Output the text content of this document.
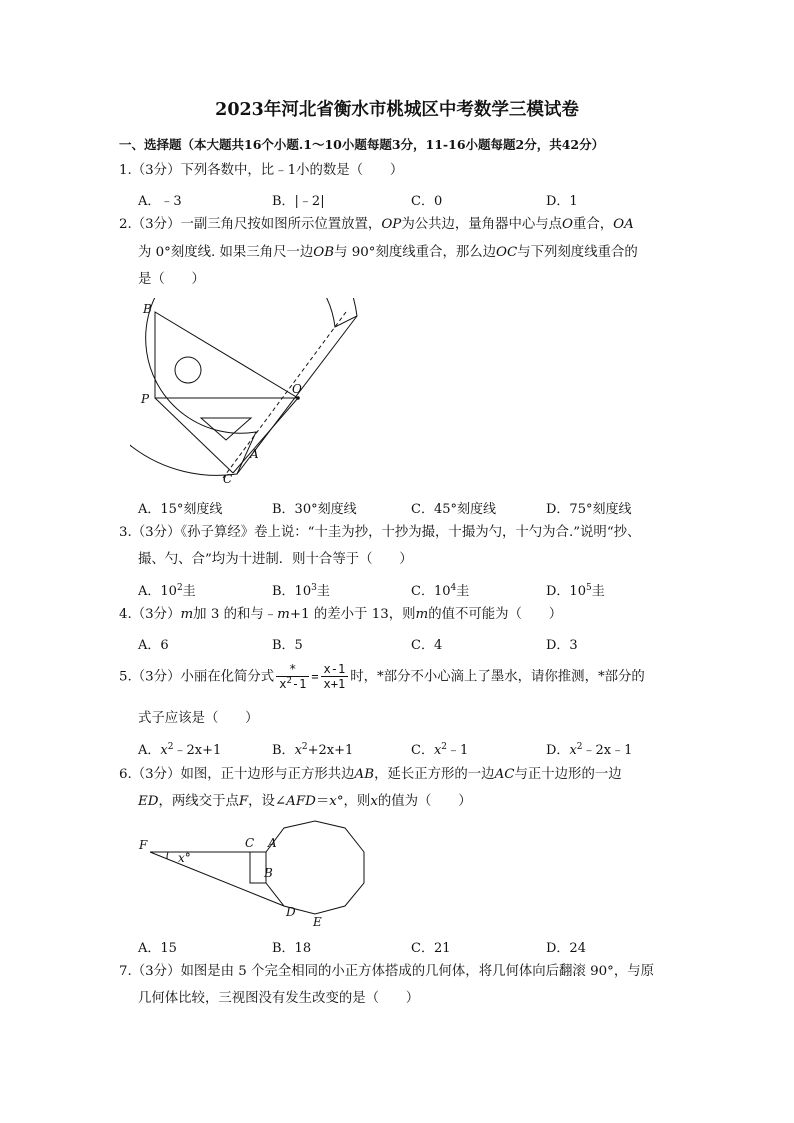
2023年河北省衡水市桃城区中考数学三模试卷
一、选择题（本大题共16个小题.1～10小题每题3分，11-16小题每题2分，共42分）
1.（3分）下列各数中，比﹣1小的数是（　　）
A．﹣3	B．|﹣2|	C．0	D．1
2.（3分）一副三角尺按如图所示位置放置，OP为公共边，量角器中心与点O重合，OA
为 0°刻度线. 如果三角尺一边OB与 90°刻度线重合，那么边OC与下列刻度线重合的
是（　　）
B
P
O
C
A
A．15°刻度线	B．30°刻度线	C．45°刻度线	D．75°刻度线
3.（3分）《孙子算经》卷上说：“十圭为抄，十抄为撮，十撮为勺，十勺为合.”说明“抄、
撮、勺、合”均为十进制．则十合等于（　　）
A．$10^2$圭	B．$10^3$圭	C．$10^4$圭	D．$10^5$圭
4.（3分）m加 3 的和与﹣m+1 的差小于 13，则m的值不可能为（　　）
A．6	B．5	C．4	D．3
5.（3分）小丽在化简分式 $\frac{*}{x^2-1} = \frac{x-1}{x+1}$ 时，*部分不小心滴上了墨水，请你推测，*部分的
式子应该是（　　）
A．$x^2﹣2x+1$	B．$x^2+2x+1$	C．$x^2﹣1$	D．$x^2﹣2x﹣1$
6.（3分）如图，正十边形与正方形共边AB，延长正方形的一边AC与正十边形的一边
ED，两线交于点F，设∠AFD＝x°，则x的值为（　　）
F
x°
C A
B
D
E
A．15	B．18	C．21	D．24
7.（3分）如图是由 5 个完全相同的小正方体搭成的几何体，将几何体向后翻滚 90°，与原
几何体比较，三视图没有发生改变的是（　　）
